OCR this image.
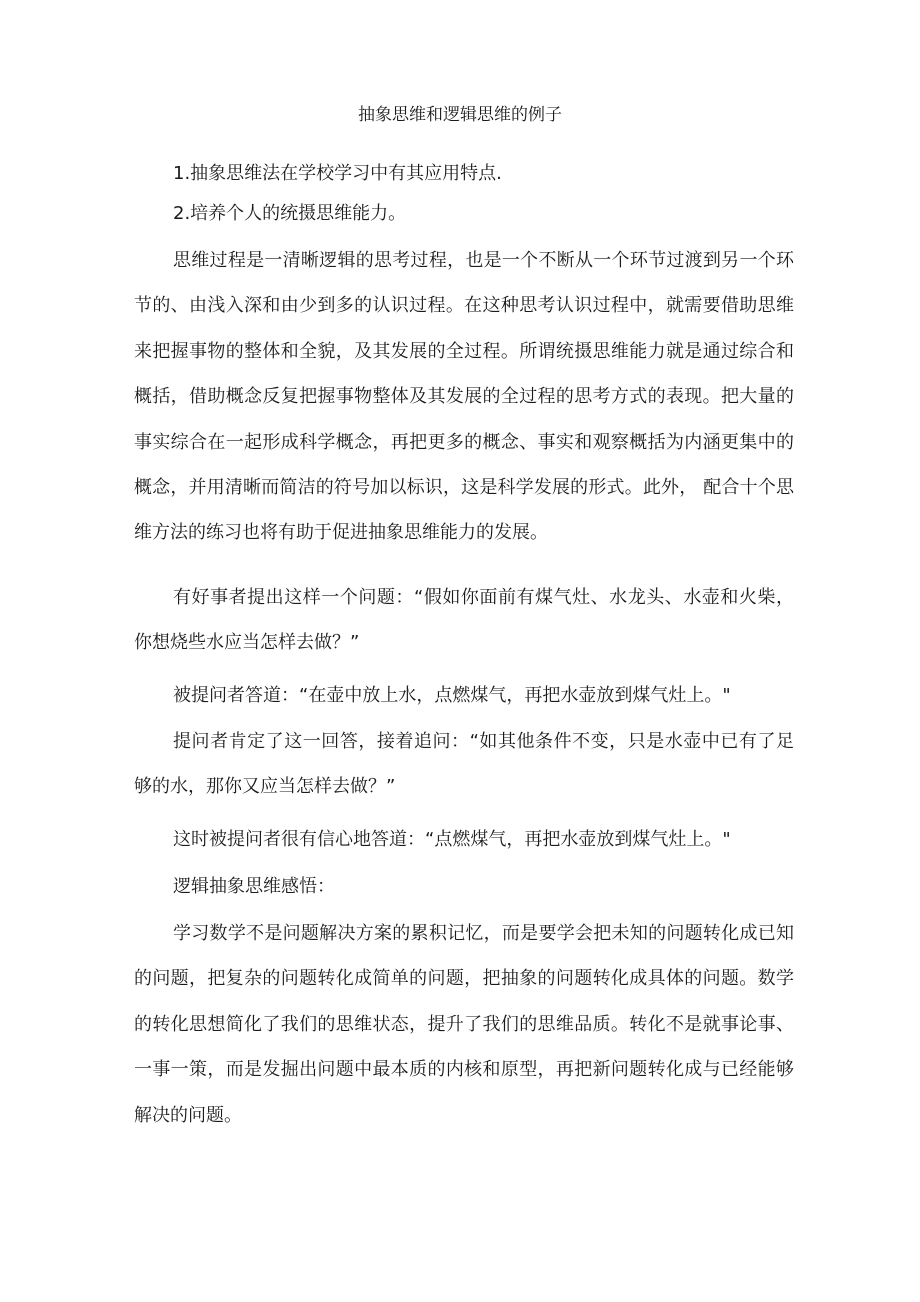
抽象思维和逻辑思维的例子

1.抽象思维法在学校学习中有其应用特点.

2.培养个人的统摄思维能力。

思维过程是一清晰逻辑的思考过程，也是一个不断从一个环节过渡到另一个环节的、由浅入深和由少到多的认识过程。在这种思考认识过程中，就需要借助思维来把握事物的整体和全貌，及其发展的全过程。所谓统摄思维能力就是通过综合和概括，借助概念反复把握事物整体及其发展的全过程的思考方式的表现。把大量的事实综合在一起形成科学概念，再把更多的概念、事实和观察概括为内涵更集中的概念，并用清晰而简洁的符号加以标识，这是科学发展的形式。此外， 配合十个思维方法的练习也将有助于促进抽象思维能力的发展。

有好事者提出这样一个问题：“假如你面前有煤气灶、水龙头、水壶和火柴， 你想烧些水应当怎样去做？”

被提问者答道：“在壶中放上水，点燃煤气，再把水壶放到煤气灶上。"

提问者肯定了这一回答，接着追问：“如其他条件不变，只是水壶中已有了足够的水，那你又应当怎样去做？”

这时被提问者很有信心地答道：“点燃煤气，再把水壶放到煤气灶上。"

逻辑抽象思维感悟：

学习数学不是问题解决方案的累积记忆，而是要学会把未知的问题转化成已知的问题，把复杂的问题转化成简单的问题，把抽象的问题转化成具体的问题。数学的转化思想简化了我们的思维状态，提升了我们的思维品质。转化不是就事论事、一事一策，而是发掘出问题中最本质的内核和原型，再把新问题转化成与已经能够解决的问题。
